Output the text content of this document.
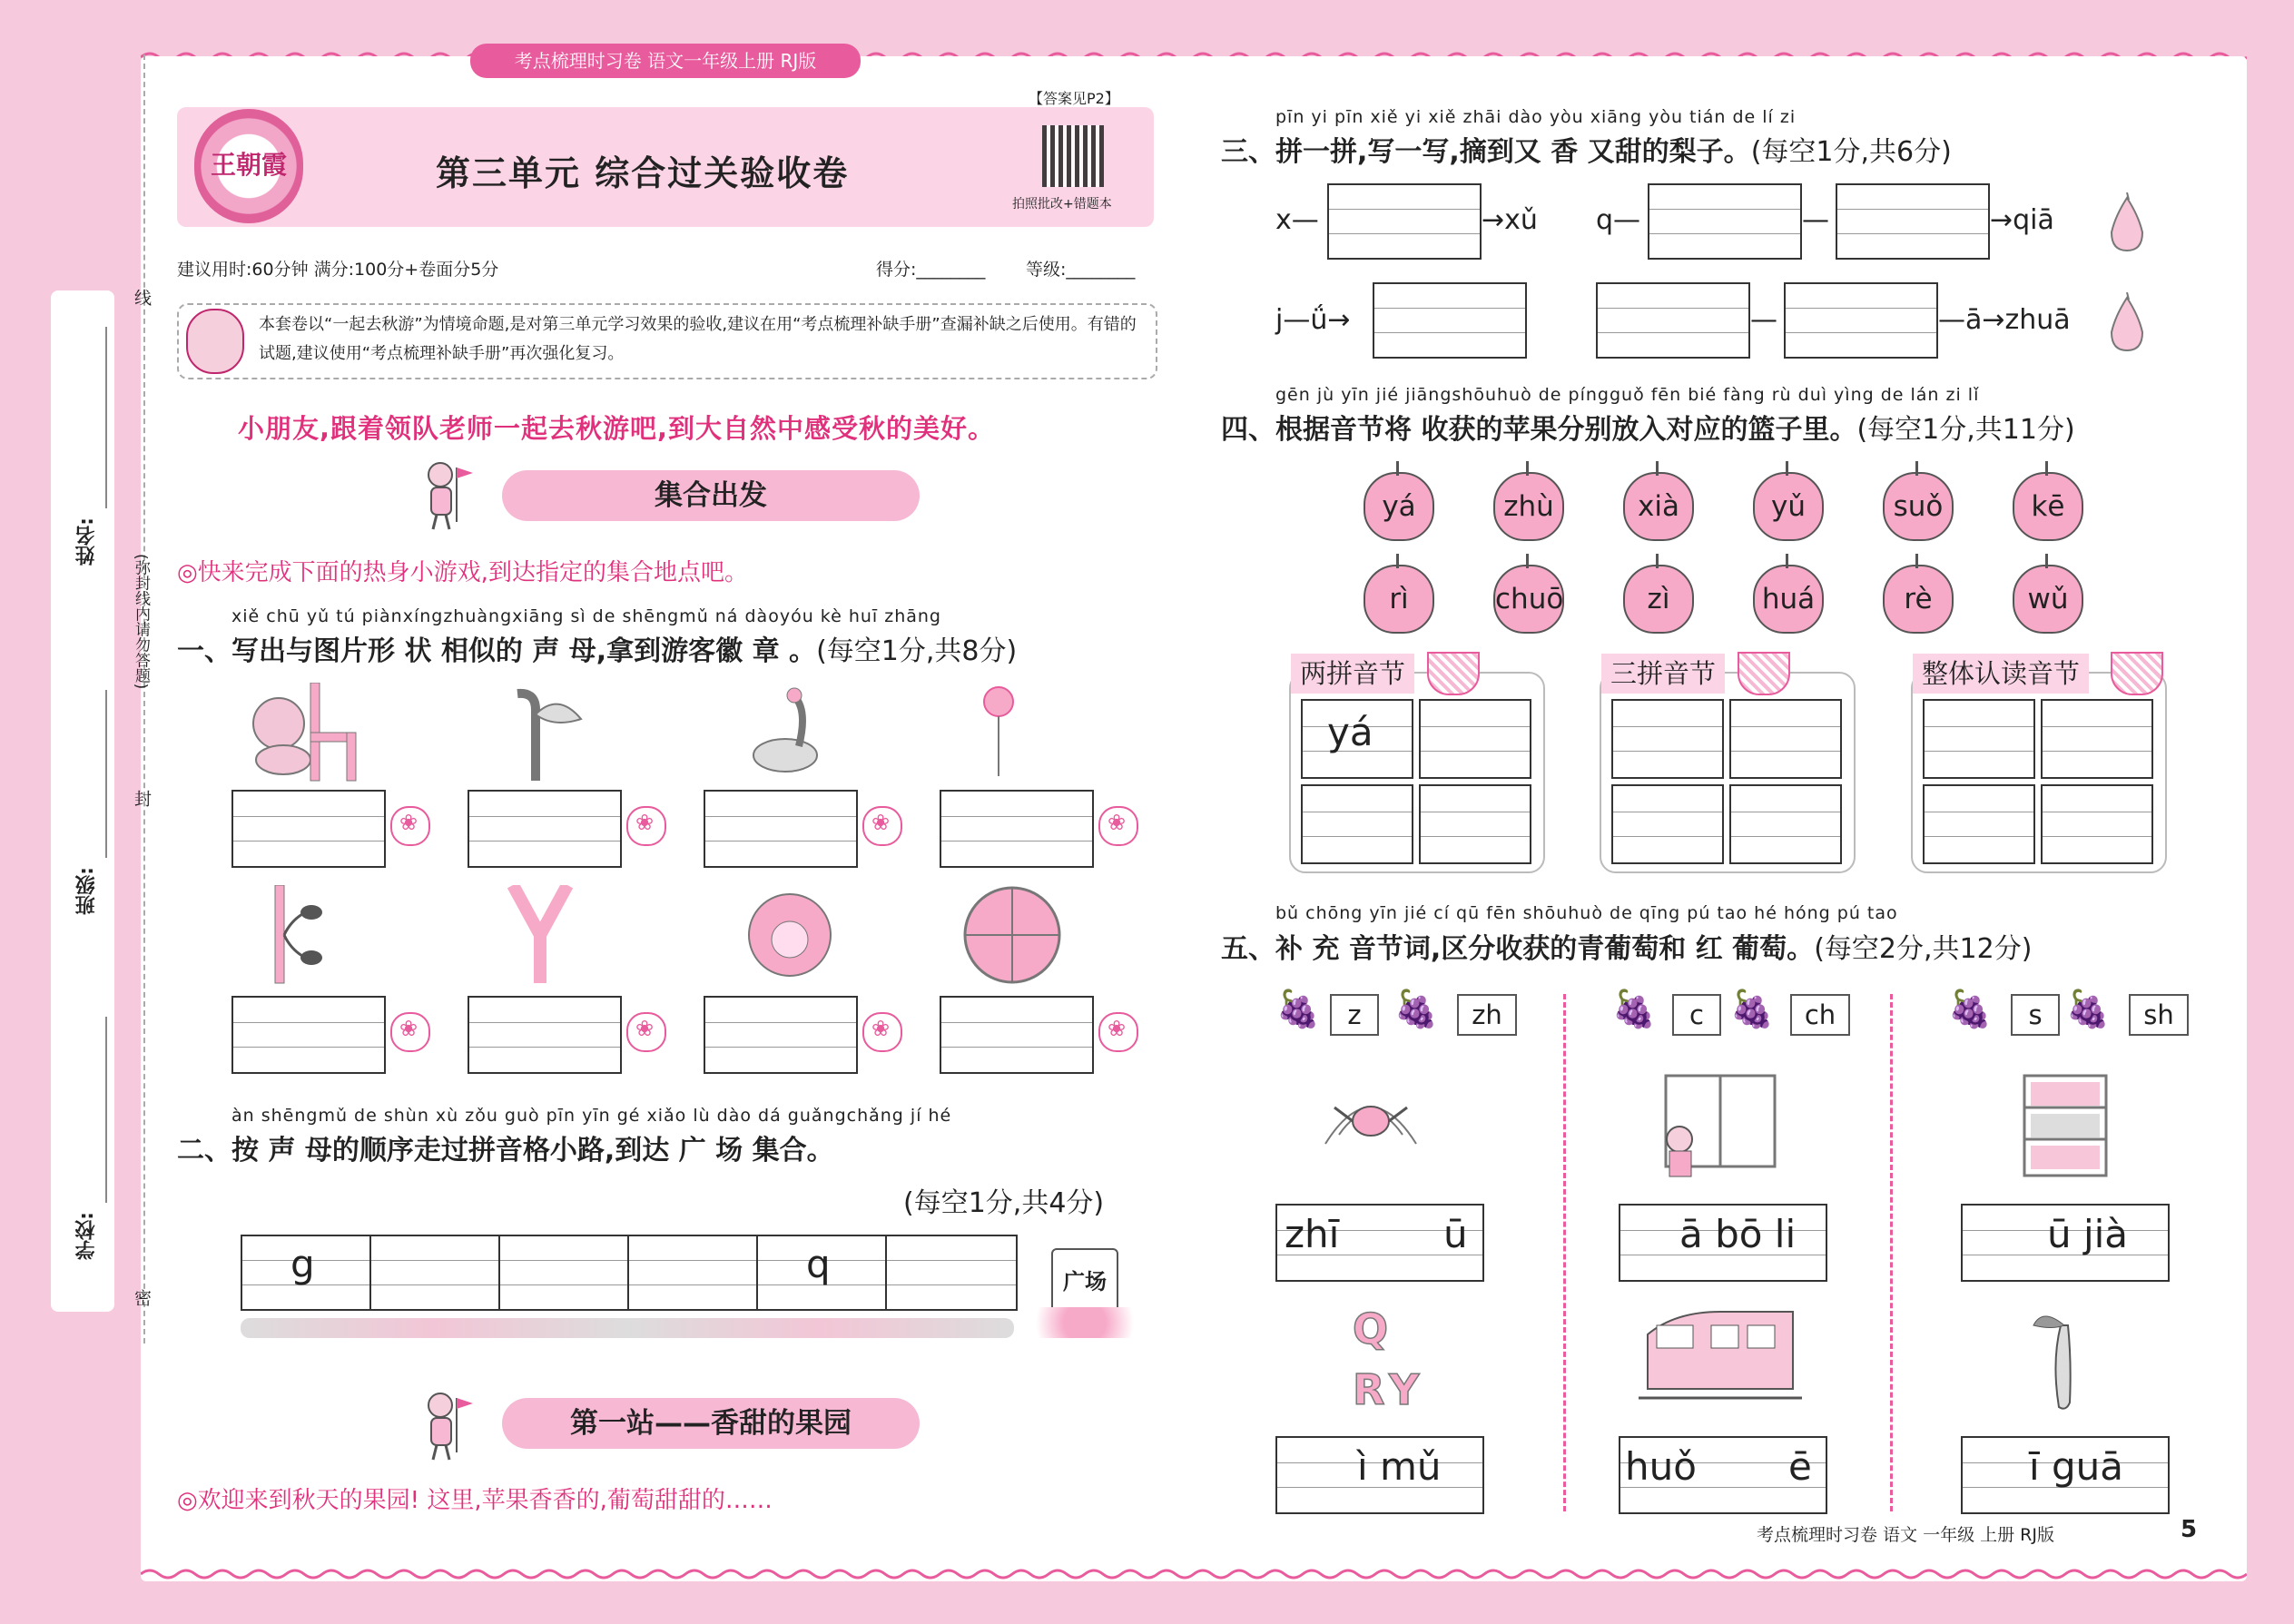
姓名:
班级:
学校:
线
封
密
(弥封线内请勿答题)
考点梳理时习卷 语文一年级上册 RJ版
【答案见P2】
王朝霞	第三单元 综合过关验收卷
拍照批改+错题本
建议用时:60分钟 满分:100分+卷面分5分	得分:________ 等级:________
本套卷以“一起去秋游”为情境命题,是对第三单元学习效果的验收,建议在用“考点梳理补缺手册”查漏补缺之后使用。有错的试题,建议使用“考点梳理补缺手册”再次强化复习。
小朋友,跟着领队老师一起去秋游吧,到大自然中感受秋的美好。
集合出发
◎快来完成下面的热身小游戏,到达指定的集合地点吧。
xiě chū yǔ tú piànxíngzhuàngxiāng sì de shēngmǔ ná dàoyóu kè huī zhāng
一、写出与图片形 状 相似的 声 母,拿到游客徽 章 。(每空1分,共8分)
❀
❀
❀
❀
❀
❀
❀
❀
àn shēngmǔ de shùn xù zǒu guò pīn yīn gé xiǎo lù dào dá guǎngchǎng jí hé
二、按 声 母的顺序走过拼音格小路,到达 广 场 集合。
(每空1分,共4分)
g	q	广场
第一站——香甜的果园
◎欢迎来到秋天的果园! 这里,苹果香香的,葡萄甜甜的……
pīn yi pīn xiě yi xiě zhāi dào yòu xiāng yòu tián de lí zi
三、拼一拼,写一写,摘到又 香 又甜的梨子。(每空1分,共6分)
x—	→xǔ q—	—	→qiā
j—ǘ→	—	—ā→zhuā
gēn jù yīn jié jiāngshōuhuò de píngguǒ fēn bié fàng rù duì yìng de lán zi lǐ
四、根据音节将 收获的苹果分别放入对应的篮子里。(每空1分,共11分)
yá	zhù	xià	yǔ	suǒ	kē
rì	chuō	zì	huá	rè	wǔ
两拼音节
yá
三拼音节	整体认读音节
bǔ chōng yīn jié cí qū fēn shōuhuò de qīng pú tao hé hóng pú tao
五、补 充 音节词,区分收获的青葡萄和 红 葡萄。(每空2分,共12分)
🍇	z 🍇	zh	🍇	c 🍇	ch	🍇	s 🍇	sh
zhī	ū	ā bō li	ū jià
Q
R Y
ì mǔ	huǒ ē	ī guā
考点梳理时习卷 语文 一年级 上册 RJ版	5
